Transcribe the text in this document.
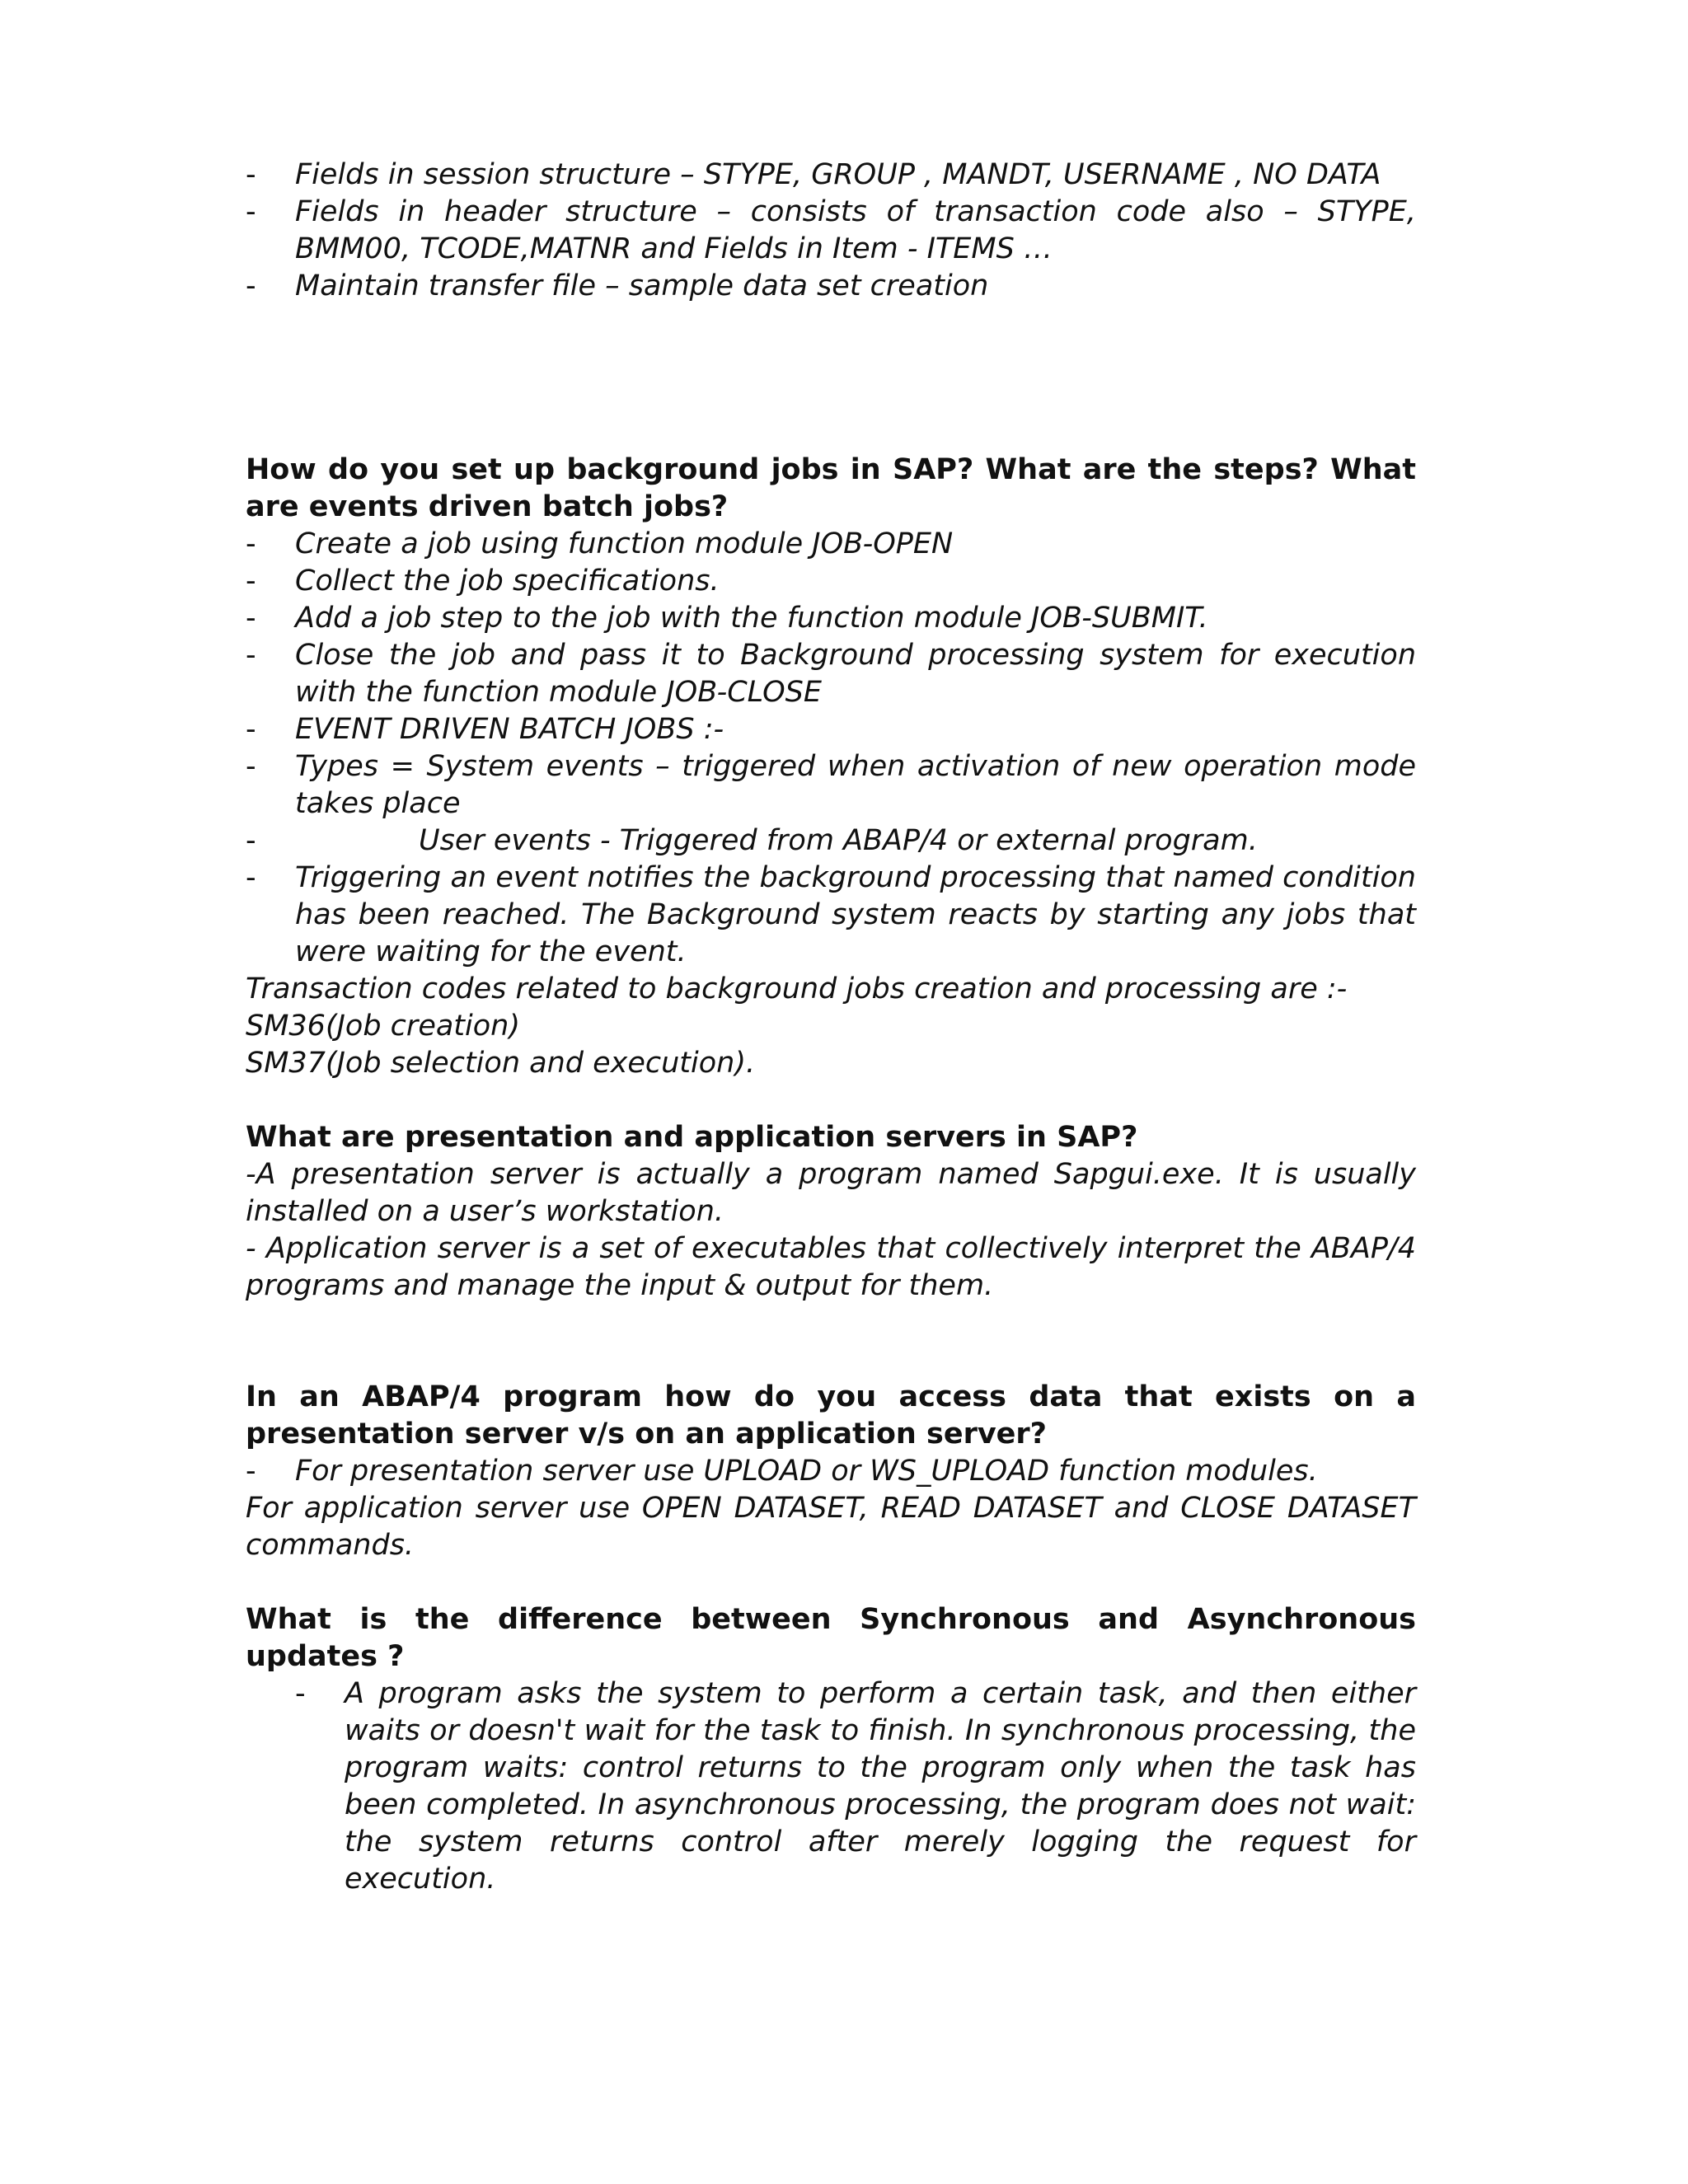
- Fields in session structure – STYPE, GROUP , MANDT, USERNAME , NO DATA
- Fields in header structure – consists of transaction code also – STYPE, BMM00, TCODE,MATNR and Fields in Item - ITEMS …
- Maintain transfer file – sample data set creation
How do you set up background jobs in SAP? What are the steps? What are events driven batch jobs?
- Create a job using function module JOB-OPEN
- Collect the job specifications.
- Add a job step to the job with the function module JOB-SUBMIT.
- Close the job and pass it to Background processing system for execution with the function module JOB-CLOSE
- EVENT DRIVEN BATCH JOBS :-
- Types = System events – triggered when activation of new operation mode takes place
- User events - Triggered from ABAP/4 or external program.
- Triggering an event notifies the background processing that named condition has been reached. The Background system reacts by starting any jobs that were waiting for the event.

Transaction codes related to background jobs creation and processing are :-

SM36(Job creation)

SM37(Job selection and execution).

What are presentation and application servers in SAP?

-A presentation server is actually a program named Sapgui.exe. It is usually installed on a user’s workstation.

- Application server is a set of executables that collectively interpret the ABAP/4 programs and manage the input & output for them.

In an ABAP/4 program how do you access data that exists on a presentation server v/s on an application server?
- For presentation server use UPLOAD or WS_UPLOAD function modules.

For application server use OPEN DATASET, READ DATASET and CLOSE DATASET commands.

What is the difference between Synchronous and Asynchronous updates ?
- A program asks the system to perform a certain task, and then either waits or doesn't wait for the task to finish. In synchronous processing, the program waits: control returns to the program only when the task has been completed. In asynchronous processing, the program does not wait: the system returns control after merely logging the request for execution.
